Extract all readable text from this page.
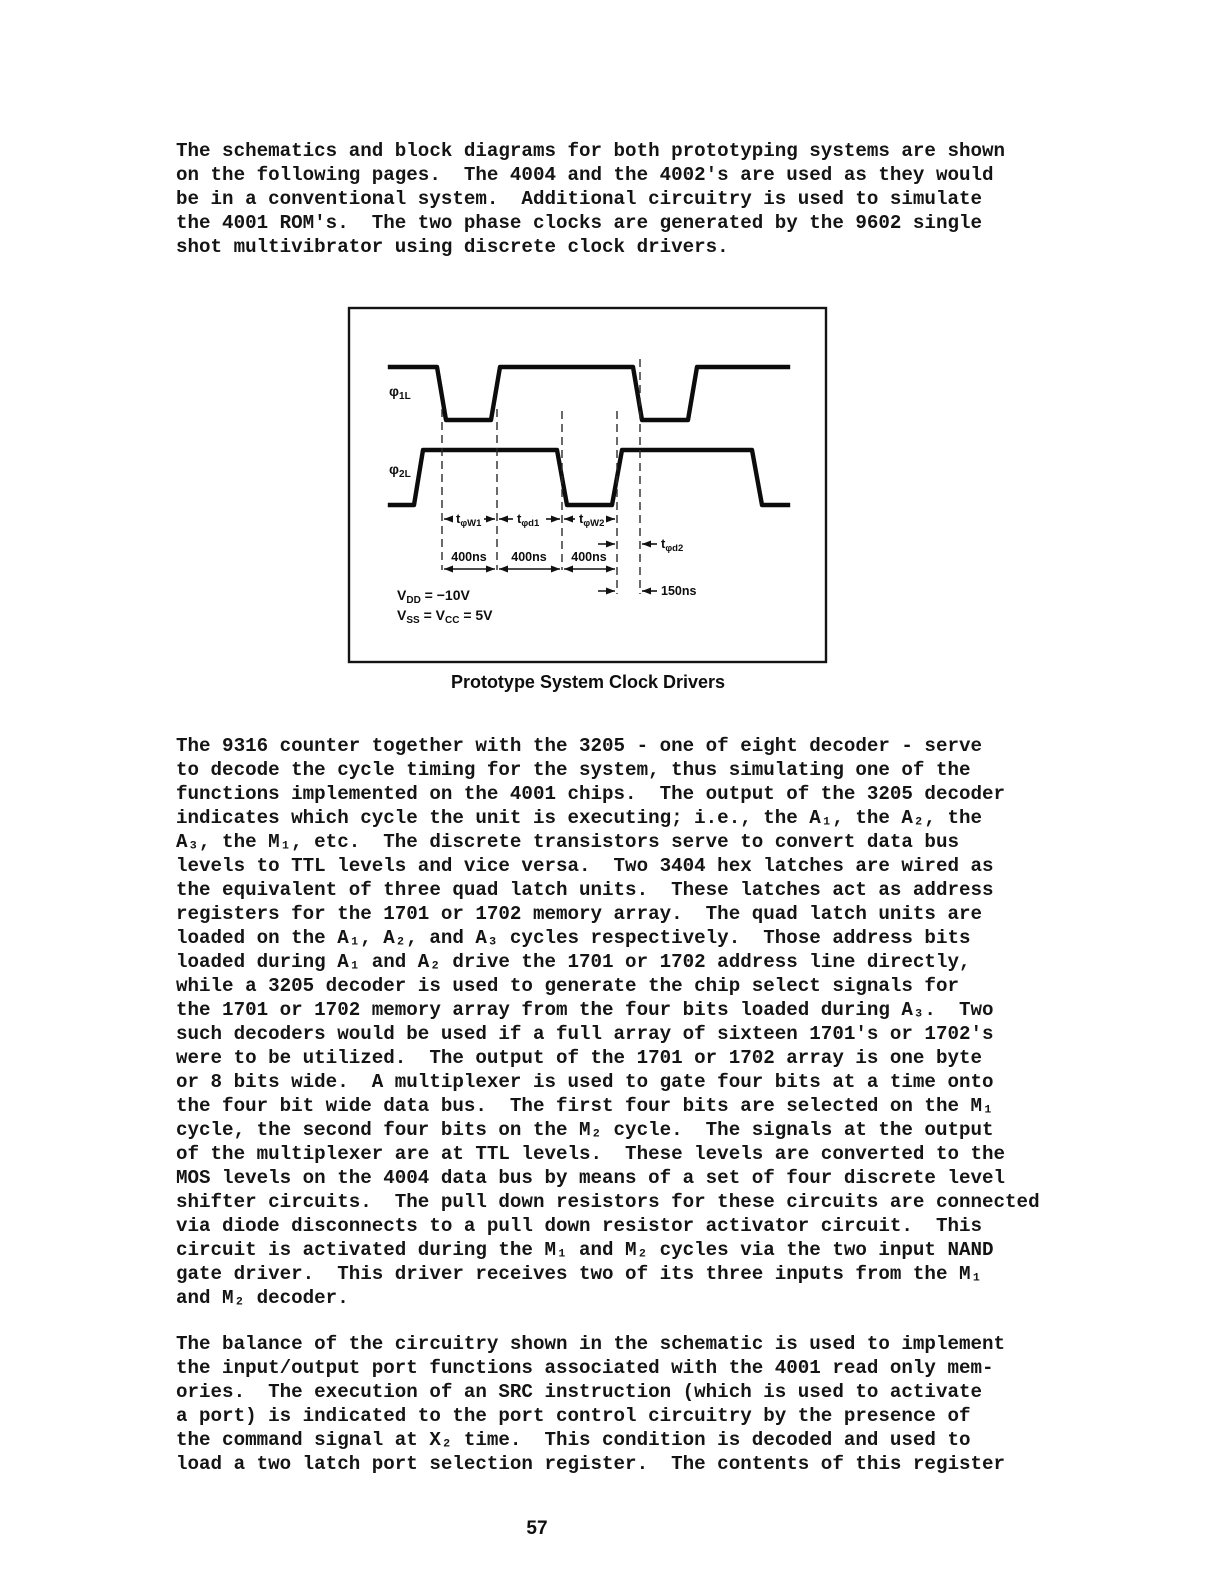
The schematics and block diagrams for both prototyping systems are shown
on the following pages.  The 4004 and the 4002's are used as they would
be in a conventional system.  Additional circuitry is used to simulate
the 4001 ROM's.  The two phase clocks are generated by the 9602 single
shot multivibrator using discrete clock drivers.
φ1L
φ2L
tφW1	tφd1	tφW2
tφd2
400ns 400ns 400ns
150ns
VDD = −10V
VSS = VCC = 5V
Prototype System Clock Drivers
The 9316 counter together with the 3205 - one of eight decoder - serve
to decode the cycle timing for the system, thus simulating one of the
functions implemented on the 4001 chips.  The output of the 3205 decoder
indicates which cycle the unit is executing; i.e., the A₁, the A₂, the
A₃, the M₁, etc.  The discrete transistors serve to convert data bus
levels to TTL levels and vice versa.  Two 3404 hex latches are wired as
the equivalent of three quad latch units.  These latches act as address
registers for the 1701 or 1702 memory array.  The quad latch units are
loaded on the A₁, A₂, and A₃ cycles respectively.  Those address bits
loaded during A₁ and A₂ drive the 1701 or 1702 address line directly,
while a 3205 decoder is used to generate the chip select signals for
the 1701 or 1702 memory array from the four bits loaded during A₃.  Two
such decoders would be used if a full array of sixteen 1701's or 1702's
were to be utilized.  The output of the 1701 or 1702 array is one byte
or 8 bits wide.  A multiplexer is used to gate four bits at a time onto
the four bit wide data bus.  The first four bits are selected on the M₁
cycle, the second four bits on the M₂ cycle.  The signals at the output
of the multiplexer are at TTL levels.  These levels are converted to the
MOS levels on the 4004 data bus by means of a set of four discrete level
shifter circuits.  The pull down resistors for these circuits are connected
via diode disconnects to a pull down resistor activator circuit.  This
circuit is activated during the M₁ and M₂ cycles via the two input NAND
gate driver.  This driver receives two of its three inputs from the M₁
and M₂ decoder.
The balance of the circuitry shown in the schematic is used to implement
the input/output port functions associated with the 4001 read only mem-
ories.  The execution of an SRC instruction (which is used to activate
a port) is indicated to the port control circuitry by the presence of
the command signal at X₂ time.  This condition is decoded and used to
load a two latch port selection register.  The contents of this register
57
